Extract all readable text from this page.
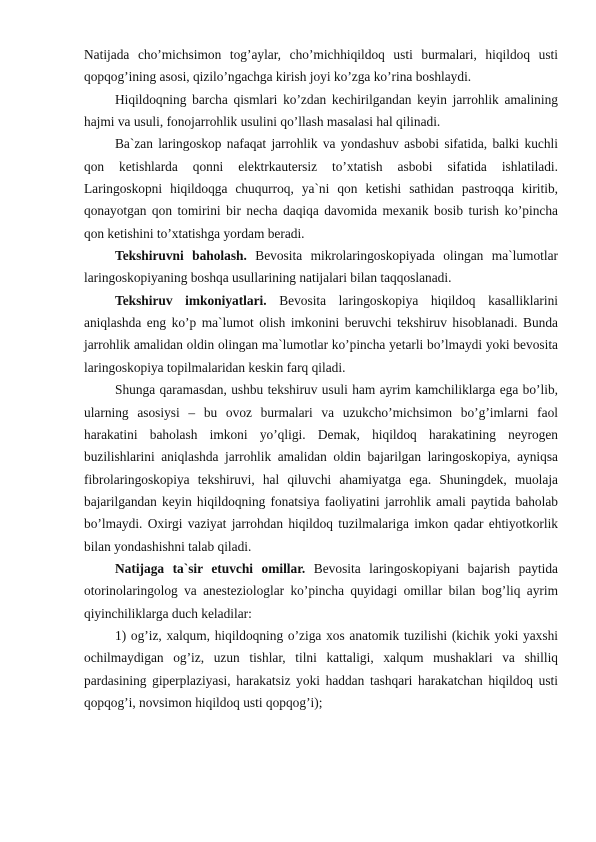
Natijada cho’michsimon tog’aylar, cho’michhiqildoq usti burmalari, hiqildoq usti qopqog’ining asosi, qizilo’ngachga kirish joyi ko’zga ko’rina boshlaydi.

Hiqildoqning barcha qismlari ko’zdan kechirilgandan keyin jarrohlik amalining hajmi va usuli, fonojarrohlik usulini qo’llash masalasi hal qilinadi.

Ba`zan laringoskop nafaqat jarrohlik va yondashuv asbobi sifatida, balki kuchli qon ketishlarda qonni elektrkautersiz to’xtatish asbobi sifatida ishlatiladi. Laringoskopni hiqildoqga chuqurroq, ya`ni qon ketishi sathidan pastroqqa kiritib, qonayotgan qon tomirini bir necha daqiqa davomida mexanik bosib turish ko’pincha qon ketishini to’xtatishga yordam beradi.

Tekshiruvni baholash. Bevosita mikrolaringoskopiyada olingan ma`lumotlar laringoskopiyaning boshqa usullarining natijalari bilan taqqoslanadi.

Tekshiruv imkoniyatlari. Bevosita laringoskopiya hiqildoq kasalliklarini aniqlashda eng ko’p ma`lumot olish imkonini beruvchi tekshiruv hisoblanadi. Bunda jarrohlik amalidan oldin olingan ma`lumotlar ko’pincha yetarli bo’lmaydi yoki bevosita laringoskopiya topilmalaridan keskin farq qiladi.

Shunga qaramasdan, ushbu tekshiruv usuli ham ayrim kamchiliklarga ega bo’lib, ularning asosiysi – bu ovoz burmalari va uzukcho’michsimon bo’g’imlarni faol harakatini baholash imkoni yo’qligi. Demak, hiqildoq harakatining neyrogen buzilishlarini aniqlashda jarrohlik amalidan oldin bajarilgan laringoskopiya, ayniqsa fibrolaringoskopiya tekshiruvi, hal qiluvchi ahamiyatga ega. Shuningdek, muolaja bajarilgandan keyin hiqildoqning fonatsiya faoliyatini jarrohlik amali paytida baholab bo’lmaydi. Oxirgi vaziyat jarrohdan hiqildoq tuzilmalariga imkon qadar ehtiyotkorlik bilan yondashishni talab qiladi.

Natijaga ta`sir etuvchi omillar. Bevosita laringoskopiyani bajarish paytida otorinolaringolog va anesteziologlar ko’pincha quyidagi omillar bilan bog’liq ayrim qiyinchiliklarga duch keladilar:

1) og’iz, xalqum, hiqildoqning o’ziga xos anatomik tuzilishi (kichik yoki yaxshi ochilmaydigan og’iz, uzun tishlar, tilni kattaligi, xalqum mushaklari va shilliq pardasining giperplaziyasi, harakatsiz yoki haddan tashqari harakatchan hiqildoq usti qopqog’i, novsimon hiqildoq usti qopqog’i);
